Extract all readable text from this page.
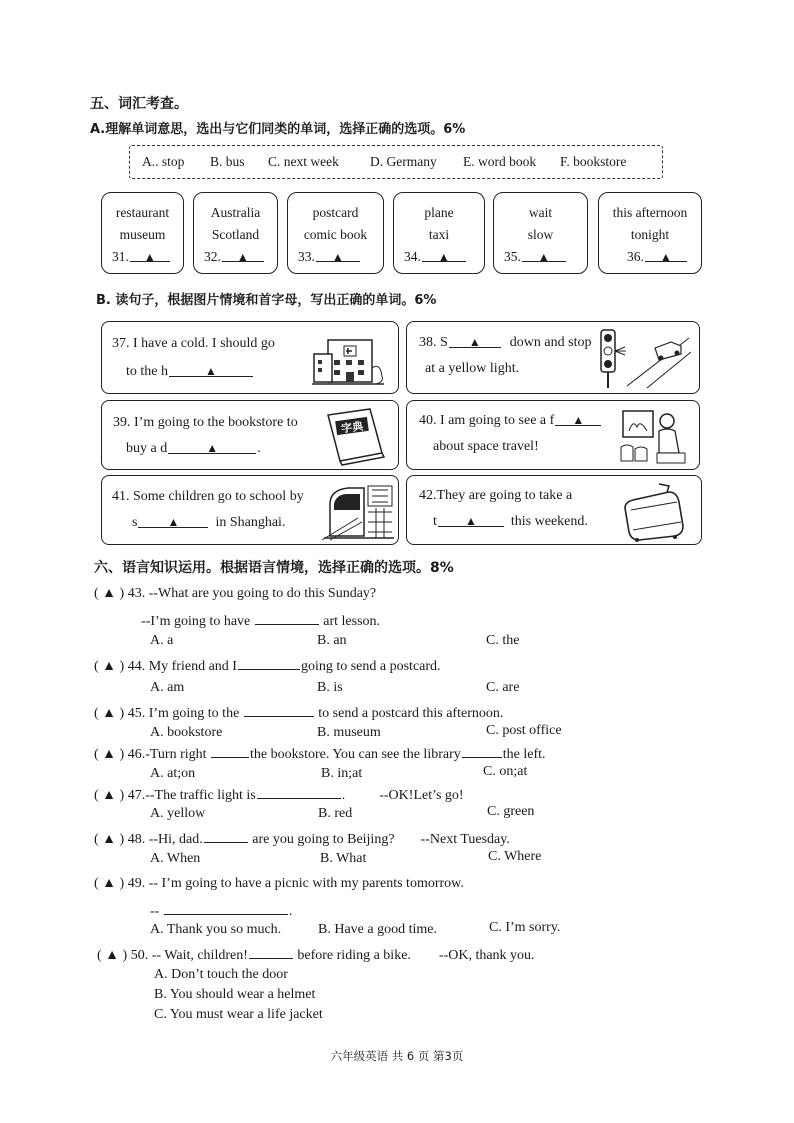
五、词汇考查。
A.理解单词意思，选出与它们同类的单词，选择正确的选项。6%
A.. stop B. bus C. next week D. Germany E. word book F. bookstore
restaurant
museum
31. ▲
Australia
Scotland
32. ▲
postcard
comic book
33. ▲
plane
taxi
34. ▲
wait
slow
35. ▲
this afternoon
tonight
36. ▲
B. 读句子，根据图片情境和首字母，写出正确的单词。6%
37. I have a cold. I should go
to the h	▲
38. S ▲ down and stop
at a yellow light.
39. I’m going to the bookstore to
buy a d	▲	.
字典	40. I am going to see a f ▲
about space travel!
41. Some children go to school by
s	▲	in Shanghai.
42.They are going to take a
t ▲ this weekend.
六、语言知识运用。根据语言情境，选择正确的选项。8%
( ▲ ) 43. --What are you going to do this Sunday?
--I’m going to have	art lesson.
A. a	B. an	C. the
( ▲ ) 44. My friend and I	going to send a postcard.
A. am	B. is	C. are
( ▲ ) 45. I’m going to the	to send a postcard this afternoon.
A. bookstore	B. museum	C. post office
( ▲ ) 46.-Turn right	the bookstore. You can see the library	the left.
A. at;on	B. in;at	C. on;at
( ▲ ) 47.--The traffic light is	. --OK!Let’s go!
A. yellow	B. red	C. green
( ▲ ) 48. --Hi, dad.	are you going to Beijing? --Next Tuesday.
A. When	B. What	C. Where
( ▲ ) 49. -- I’m going to have a picnic with my parents tomorrow.
--	.
A. Thank you so much.	B. Have a good time.	C. I’m sorry.
( ▲ ) 50. -- Wait, children!	before riding a bike. --OK, thank you.
A. Don’t touch the door
B. You should wear a helmet
C. You must wear a life jacket
六年级英语 共 6 页 第3页
